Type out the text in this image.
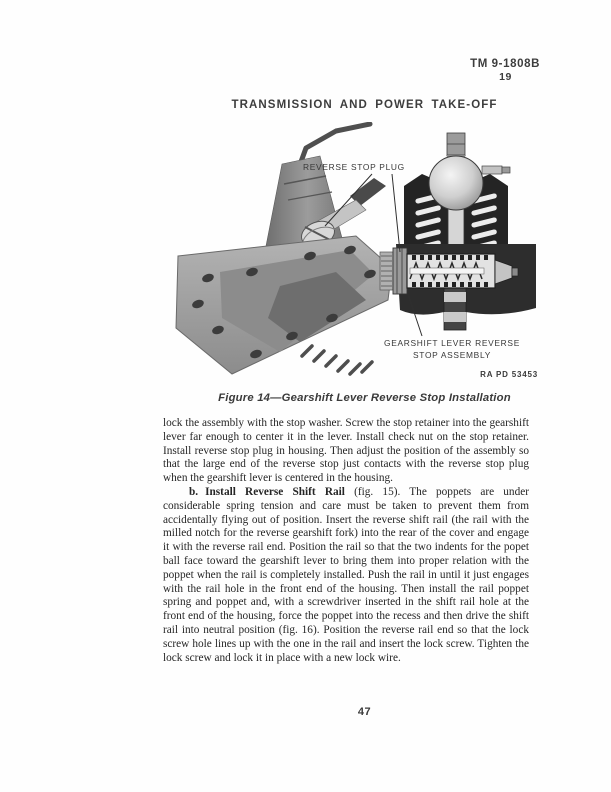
TM 9-1808B
19
TRANSMISSION AND POWER TAKE-OFF
REVERSE STOP PLUG
GEARSHIFT LEVER REVERSE
STOP ASSEMBLY
RA PD 53453
Figure 14—Gearshift Lever Reverse Stop Installation

lock the assembly with the stop washer. Screw the stop retainer into the gearshift lever far enough to center it in the lever. Install check nut on the stop retainer. Install reverse stop plug in housing. Then adjust the position of the assembly so that the large end of the reverse stop just contacts with the reverse stop plug when the gearshift lever is centered in the housing.

b. Install Reverse Shift Rail (fig. 15). The poppets are under considerable spring tension and care must be taken to prevent them from accidentally flying out of position. Insert the reverse shift rail (the rail with the milled notch for the reverse gearshift fork) into the rear of the cover and engage it with the reverse rail end. Position the rail so that the two indents for the popet ball face toward the gearshift lever to bring them into proper relation with the poppet when the rail is completely installed. Push the rail in until it just engages with the rail hole in the front end of the housing. Then install the rail poppet spring and poppet and, with a screwdriver inserted in the shift rail hole at the front end of the housing, force the poppet into the recess and then drive the shift rail into neutral position (fig. 16). Position the reverse rail end so that the lock screw hole lines up with the one in the rail and insert the lock screw. Tighten the lock screw and lock it in place with a new lock wire.

47
